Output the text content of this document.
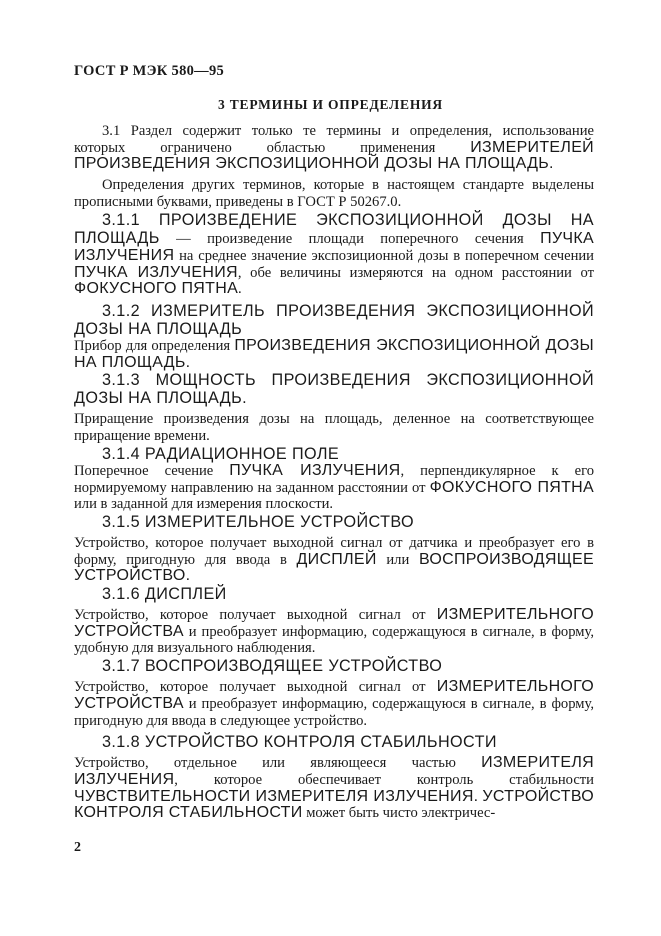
ГОСТ Р МЭК 580—95
3 ТЕРМИНЫ И ОПРЕДЕЛЕНИЯ

3.1 Раздел содержит только те термины и определения, использование которых ограничено областью применения ИЗМЕРИТЕЛЕЙ ПРОИЗВЕДЕНИЯ ЭКСПОЗИЦИОННОЙ ДОЗЫ НА ПЛОЩАДЬ.

Определения других терминов, которые в настоящем стандарте выделены прописными буквами, приведены в ГОСТ Р 50267.0.

3.1.1 ПРОИЗВЕДЕНИЕ ЭКСПОЗИЦИОННОЙ ДОЗЫ НА ПЛОЩАДЬ — произведение площади поперечного сечения ПУЧКА ИЗЛУЧЕНИЯ на среднее значение экспозиционной дозы в поперечном сечении ПУЧКА ИЗЛУЧЕНИЯ, обе величины измеряются на одном расстоянии от ФОКУСНОГО ПЯТНА.

3.1.2 ИЗМЕРИТЕЛЬ ПРОИЗВЕДЕНИЯ ЭКСПОЗИЦИОННОЙ ДОЗЫ НА ПЛОЩАДЬ

Прибор для определения ПРОИЗВЕДЕНИЯ ЭКСПОЗИЦИОННОЙ ДОЗЫ НА ПЛОЩАДЬ.

3.1.3 МОЩНОСТЬ ПРОИЗВЕДЕНИЯ ЭКСПОЗИЦИОННОЙ ДОЗЫ НА ПЛОЩАДЬ.

Приращение произведения дозы на площадь, деленное на соответствующее приращение времени.

3.1.4 РАДИАЦИОННОЕ ПОЛЕ

Поперечное сечение ПУЧКА ИЗЛУЧЕНИЯ, перпендикулярное к его нормируемому направлению на заданном расстоянии от ФОКУСНОГО ПЯТНА или в заданной для измерения плоскости.

3.1.5 ИЗМЕРИТЕЛЬНОЕ УСТРОЙСТВО

Устройство, которое получает выходной сигнал от датчика и преобразует его в форму, пригодную для ввода в ДИСПЛЕЙ или ВОСПРОИЗВОДЯЩЕЕ УСТРОЙСТВО.

3.1.6 ДИСПЛЕЙ

Устройство, которое получает выходной сигнал от ИЗМЕРИТЕЛЬНОГО УСТРОЙСТВА и преобразует информацию, содержащуюся в сигнале, в форму, удобную для визуального наблюдения.

3.1.7 ВОСПРОИЗВОДЯЩЕЕ УСТРОЙСТВО

Устройство, которое получает выходной сигнал от ИЗМЕРИТЕЛЬНОГО УСТРОЙСТВА и преобразует информацию, содержащуюся в сигнале, в форму, пригодную для ввода в следующее устройство.

3.1.8 УСТРОЙСТВО КОНТРОЛЯ СТАБИЛЬНОСТИ

Устройство, отдельное или являющееся частью ИЗМЕРИТЕЛЯ ИЗЛУЧЕНИЯ, которое обеспечивает контроль стабильности ЧУВСТВИТЕЛЬНОСТИ ИЗМЕРИТЕЛЯ ИЗЛУЧЕНИЯ. УСТРОЙСТВО КОНТРОЛЯ СТАБИЛЬНОСТИ может быть чисто электричес-

2
